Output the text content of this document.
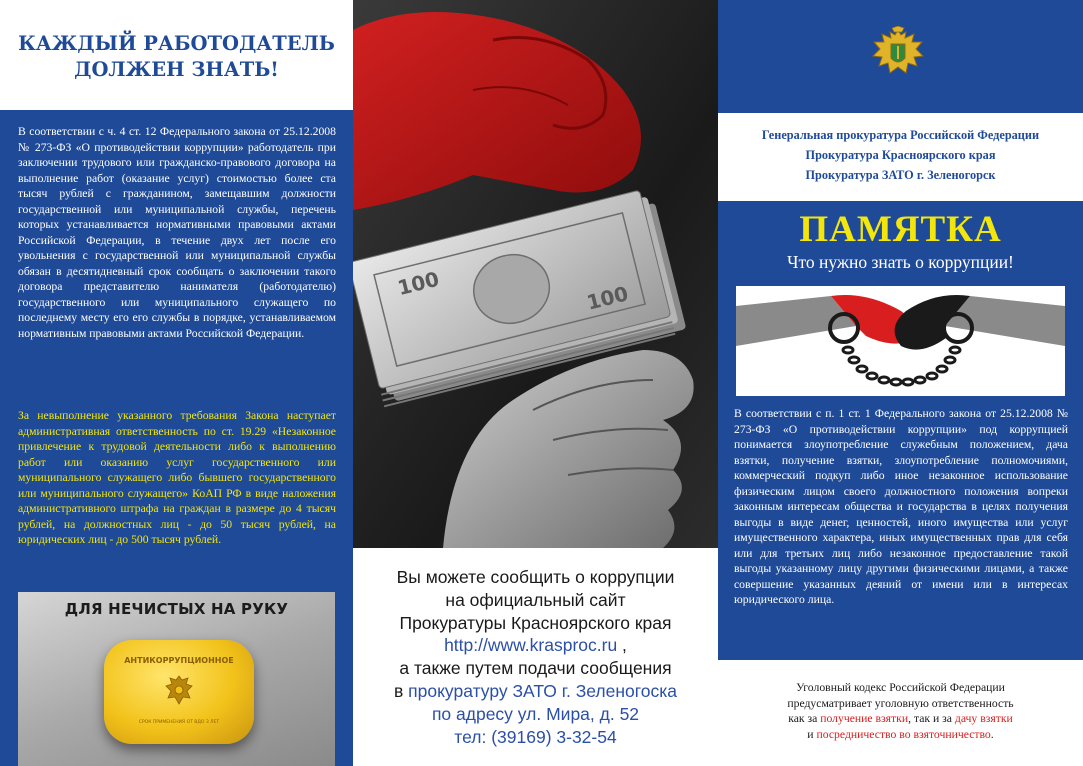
КАЖДЫЙ РАБОТОДАТЕЛЬ
ДОЛЖЕН ЗНАТЬ!

В соответствии с ч. 4 ст. 12 Федерального закона от 25.12.2008 № 273-ФЗ «О противодействии коррупции» работодатель при заключении трудового или гражданско-правового договора на выполнение работ (оказание услуг) стоимостью более ста тысяч рублей с гражданином, замещавшим должности государственной или муниципальной службы, перечень которых устанавливается нормативными правовыми актами Российской Федерации, в течение двух лет после его увольнения с государственной или муниципальной службы обязан в десятидневный срок сообщать о заключении такого договора представителю нанимателя (работодателю) государственного или муниципального служащего по последнему месту его его службы в порядке, устанавливаемом нормативным правовыми актами Российской Федерации.

За невыполнение указанного требования Закона наступает административная ответственность по ст. 19.29 «Незаконное привлечение к трудовой деятельности либо к выполнению работ или оказанию услуг государственного или муниципального служащего либо бывшего государственного или муниципального служащего» КоАП РФ в виде наложения административного штрафа на граждан в размере до 4 тысяч рублей, на должностных лиц - до 50 тысяч рублей, на юридических лиц - до 500 тысяч рублей.

ДЛЯ НЕЧИСТЫХ НА РУКУ
АНТИКОРРУПЦИОННОЕ
СРОК ПРИМЕНЕНИЯ ОТ ВДО З ЛЕТ
100	100
Вы можете сообщить о коррупции
на официальный сайт
Прокуратуры Красноярского края
http://www.krasproc.ru ,
а также путем подачи сообщения
в прокуратуру ЗАТО г. Зеленогоска
по адресу ул. Мира, д. 52
тел: (39169) 3-32-54

Генеральная прокуратура Российской Федерации

Прокуратура Красноярского края

Прокуратура ЗАТО г. Зеленогорск

ПАМЯТКА

Что нужно знать о коррупции!

В соответствии с п. 1 ст. 1 Федерального закона от 25.12.2008 № 273-ФЗ «О противодействии коррупции» под коррупцией понимается злоупотребление служебным положением, дача взятки, получение взятки, злоупотребление полномочиями, коммерческий подкуп либо иное незаконное использование физическим лицом своего должностного положения вопреки законным интересам общества и государства в целях получения выгоды в виде денег, ценностей, иного имущества или услуг имущественного характера, иных имущественных прав для себя или для третьих лиц либо незаконное предоставление такой выгоды указанному лицу другими физическими лицами, а также совершение указанных деяний от имени или в интересах юридического лица.

Уголовный кодекс Российской Федерации
предусматривает уголовную ответственность
как за получение взятки, так и за дачу взятки
и посредничество во взяточничество.
